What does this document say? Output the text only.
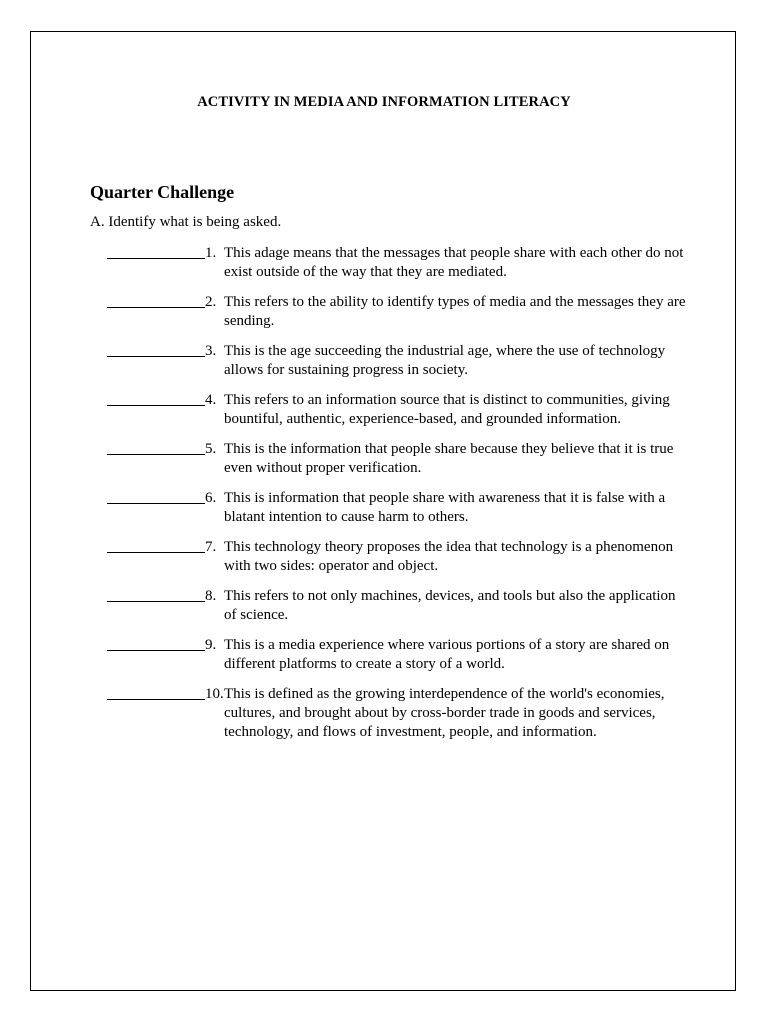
ACTIVITY IN MEDIA AND INFORMATION LITERACY
Quarter Challenge
A. Identify what is being asked.
1. This adage means that the messages that people share with each other do not exist outside of the way that they are mediated.
2. This refers to the ability to identify types of media and the messages they are sending.
3. This is the age succeeding the industrial age, where the use of technology allows for sustaining progress in society.
4. This refers to an information source that is distinct to communities, giving bountiful, authentic, experience-based, and grounded information.
5. This is the information that people share because they believe that it is true even without proper verification.
6. This is information that people share with awareness that it is false with a blatant intention to cause harm to others.
7. This technology theory proposes the idea that technology is a phenomenon with two sides: operator and object.
8. This refers to not only machines, devices, and tools but also the application of science.
9. This is a media experience where various portions of a story are shared on different platforms to create a story of a world.
10. This is defined as the growing interdependence of the world's economies, cultures, and brought about by cross-border trade in goods and services, technology, and flows of investment, people, and information.
